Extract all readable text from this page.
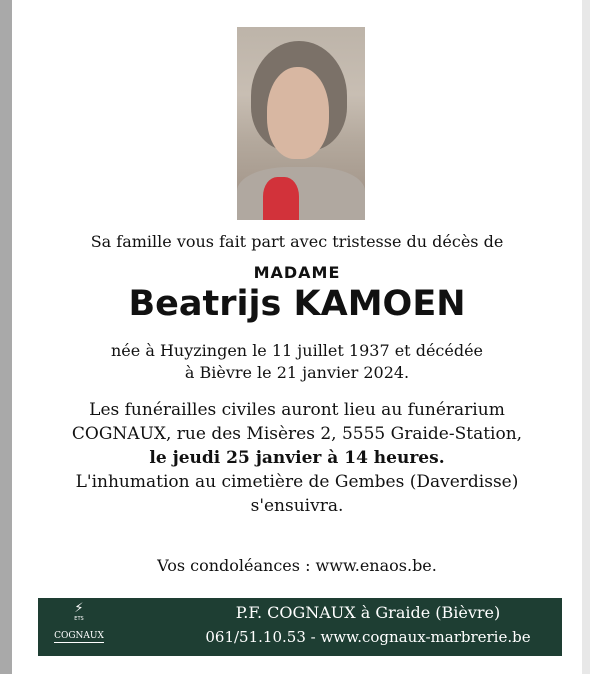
Sa famille vous fait part avec tristesse du décès de
MADAME
Beatrijs KAMOEN
née à Huyzingen le 11 juillet 1937 et décédée
à Bièvre le 21 janvier 2024.
Les funérailles civiles auront lieu au funérarium
COGNAUX, rue des Misères 2, 5555 Graide-Station,
le jeudi 25 janvier à 14 heures.
L'inhumation au cimetière de Gembes (Daverdisse)
s'ensuivra.
Vos condoléances : www.enaos.be.
⚡
ETS
COGNAUX

P.F. COGNAUX à Graide (Bièvre)
061/51.10.53 - www.cognaux-marbrerie.be
